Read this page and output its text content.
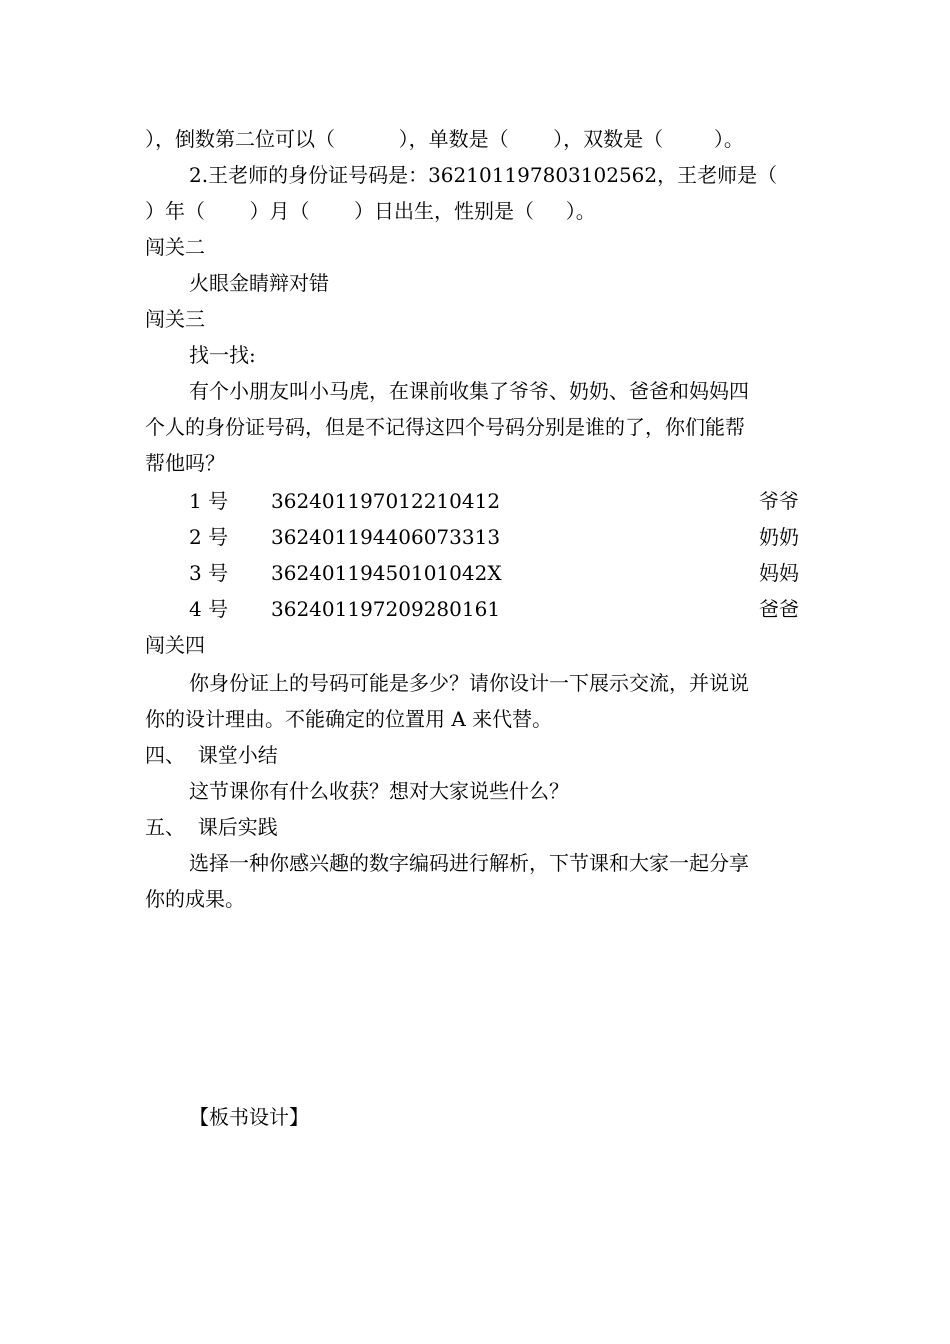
），倒数第二位可以（          ），单数是（       ），双数是（        ）。
2.王老师的身份证号码是：362101197803102562，王老师是（
）年（       ）月（       ）日出生，性别是（     ）。
闯关二
火眼金睛辩对错
闯关三
找一找:
有个小朋友叫小马虎，在课前收集了爷爷、奶奶、爸爸和妈妈四
个人的身份证号码，但是不记得这四个号码分别是谁的了，你们能帮
帮他吗？
1 号 362401197012210412	爷爷
2 号 362401194406073313	奶奶
3 号 36240119450101042X	妈妈
4 号 362401197209280161	爸爸
闯关四
你身份证上的号码可能是多少？请你设计一下展示交流，并说说
你的设计理由。不能确定的位置用 A 来代替。
四、  课堂小结
这节课你有什么收获？想对大家说些什么？
五、  课后实践
选择一种你感兴趣的数字编码进行解析，下节课和大家一起分享
你的成果。
【板书设计】
